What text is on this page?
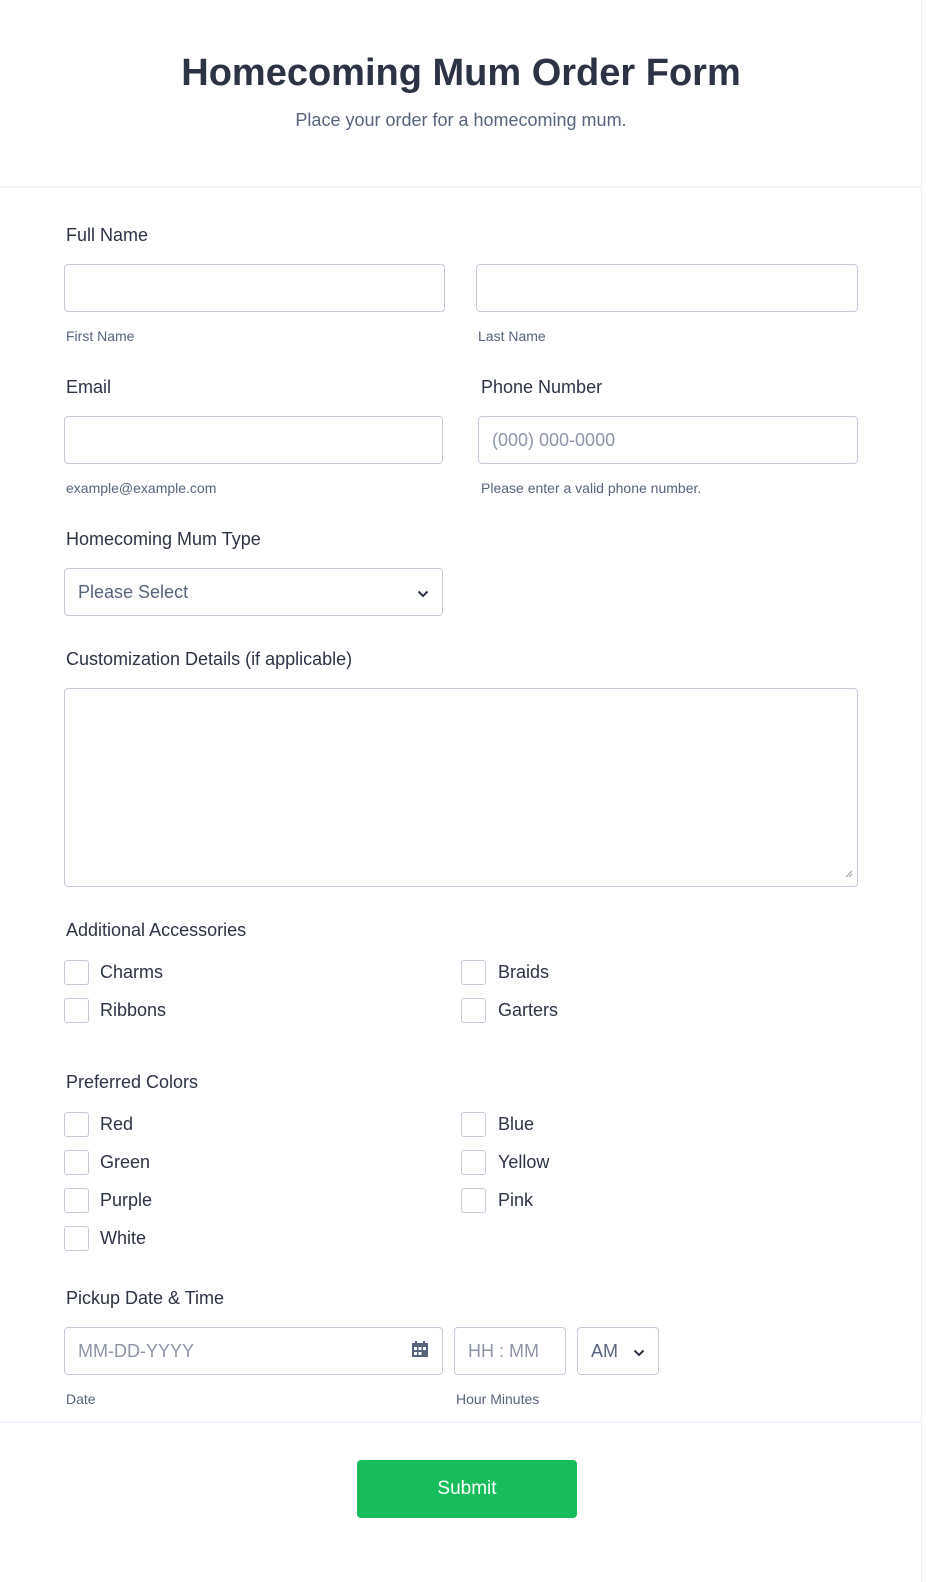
Homecoming Mum Order Form
Place your order for a homecoming mum.
Full Name
First Name	Last Name
Email
example@example.com
Phone Number
(000) 000-0000
Please enter a valid phone number.
Homecoming Mum Type
Please Select
Customization Details (if applicable)
Additional Accessories
Charms	Braids
Ribbons	Garters
Preferred Colors
Red	Blue
Green	Yellow
Purple	Pink
White
Pickup Date & Time
MM-DD-YYYY	HH : MM	AM
Date	Hour Minutes
Submit
